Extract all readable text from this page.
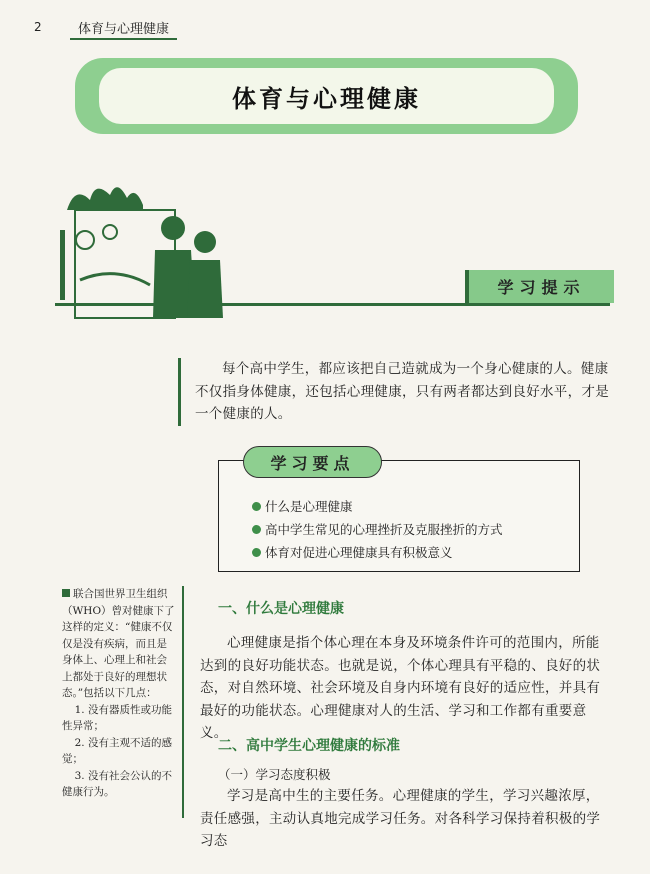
2	体育与心理健康
体育与心理健康
学习提示
每个高中学生，都应该把自己造就成为一个身心健康的人。健康不仅指身体健康，还包括心理健康，只有两者都达到良好水平，才是一个健康的人。
学习要点
什么是心理健康
高中学生常见的心理挫折及克服挫折的方式
体育对促进心理健康具有积极意义

联合国世界卫生组织（WHO）曾对健康下了这样的定义：“健康不仅仅是没有疾病，而且是身体上、心理上和社会上都处于良好的理想状态。”包括以下几点：

1. 没有器质性或功能性异常；

2. 没有主观不适的感觉；

3. 没有社会公认的不健康行为。

一、什么是心理健康
心理健康是指个体心理在本身及环境条件许可的范围内，所能达到的良好功能状态。也就是说，个体心理具有平稳的、良好的状态，对自然环境、社会环境及自身内环境有良好的适应性，并具有最好的功能状态。心理健康对人的生活、学习和工作都有重要意义。
二、高中学生心理健康的标准
（一）学习态度积极
学习是高中生的主要任务。心理健康的学生，学习兴趣浓厚，责任感强，主动认真地完成学习任务。对各科学习保持着积极的学习态
